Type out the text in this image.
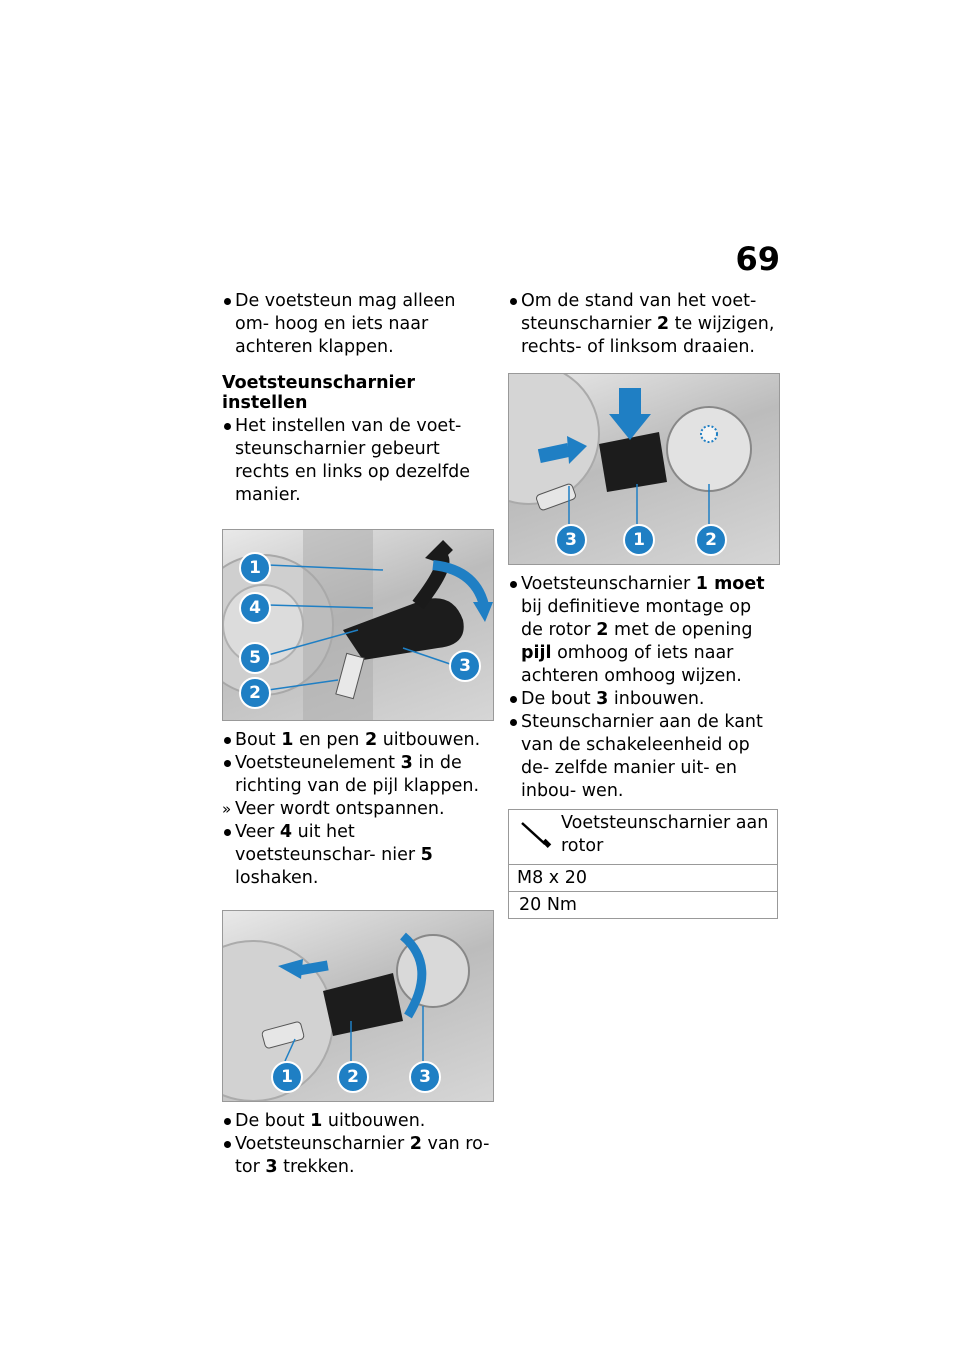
69
De voetsteun mag alleen om- hoog en iets naar achteren klappen.
Voetsteunscharnier instellen
Het instellen van de voet- steunscharnier gebeurt rechts en links op dezelfde manier.
1
4
5
2
3
Bout 1 en pen 2 uitbouwen.
Voetsteunelement 3 in de richting van de pijl klappen.
» Veer wordt ontspannen.
Veer 4 uit het voetsteunschar- nier 5 loshaken.
1	2	3
De bout 1 uitbouwen.
Voetsteunscharnier 2 van ro- tor 3 trekken.
Om de stand van het voet- steunscharnier 2 te wijzigen, rechts- of linksom draaien.
3	1	2
Voetsteunscharnier 1 moet bij definitieve montage op de rotor 2 met de opening pijl omhoog of iets naar achteren omhoog wijzen.
De bout 3 inbouwen.
Steunscharnier aan de kant van de schakeleenheid op de- zelfde manier uit- en inbou- wen.
Voetsteunscharnier aan rotor
M8 x 20
20 Nm
